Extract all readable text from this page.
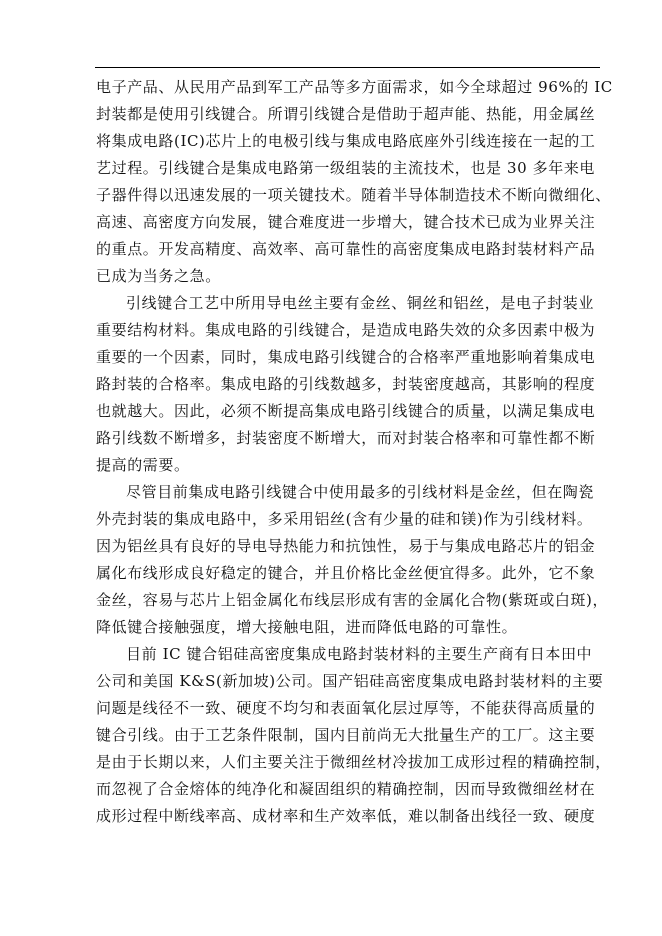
电子产品、从民用产品到军工产品等多方面需求，如今全球超过 96%的 IC
封装都是使用引线键合。所谓引线键合是借助于超声能、热能，用金属丝
将集成电路(IC)芯片上的电极引线与集成电路底座外引线连接在一起的工
艺过程。引线键合是集成电路第一级组装的主流技术，也是 30 多年来电
子器件得以迅速发展的一项关键技术。随着半导体制造技术不断向微细化、
高速、高密度方向发展，键合难度进一步增大，键合技术已成为业界关注
的重点。开发高精度、高效率、高可靠性的高密度集成电路封装材料产品
已成为当务之急。
引线键合工艺中所用导电丝主要有金丝、铜丝和铝丝，是电子封装业
重要结构材料。集成电路的引线键合，是造成电路失效的众多因素中极为
重要的一个因素，同时，集成电路引线键合的合格率严重地影响着集成电
路封装的合格率。集成电路的引线数越多，封装密度越高，其影响的程度
也就越大。因此，必须不断提高集成电路引线键合的质量，以满足集成电
路引线数不断增多，封装密度不断增大，而对封装合格率和可靠性都不断
提高的需要。
尽管目前集成电路引线键合中使用最多的引线材料是金丝，但在陶瓷
外壳封装的集成电路中，多采用铝丝(含有少量的硅和镁)作为引线材料。
因为铝丝具有良好的导电导热能力和抗蚀性，易于与集成电路芯片的铝金
属化布线形成良好稳定的键合，并且价格比金丝便宜得多。此外，它不象
金丝，容易与芯片上铝金属化布线层形成有害的金属化合物(紫斑或白斑)，
降低键合接触强度，增大接触电阻，进而降低电路的可靠性。
目前 IC 键合铝硅高密度集成电路封装材料的主要生产商有日本田中
公司和美国 K&S(新加坡)公司。国产铝硅高密度集成电路封装材料的主要
问题是线径不一致、硬度不均匀和表面氧化层过厚等，不能获得高质量的
键合引线。由于工艺条件限制，国内目前尚无大批量生产的工厂。这主要
是由于长期以来，人们主要关注于微细丝材冷拔加工成形过程的精确控制，
而忽视了合金熔体的纯净化和凝固组织的精确控制，因而导致微细丝材在
成形过程中断线率高、成材率和生产效率低，难以制备出线径一致、硬度
